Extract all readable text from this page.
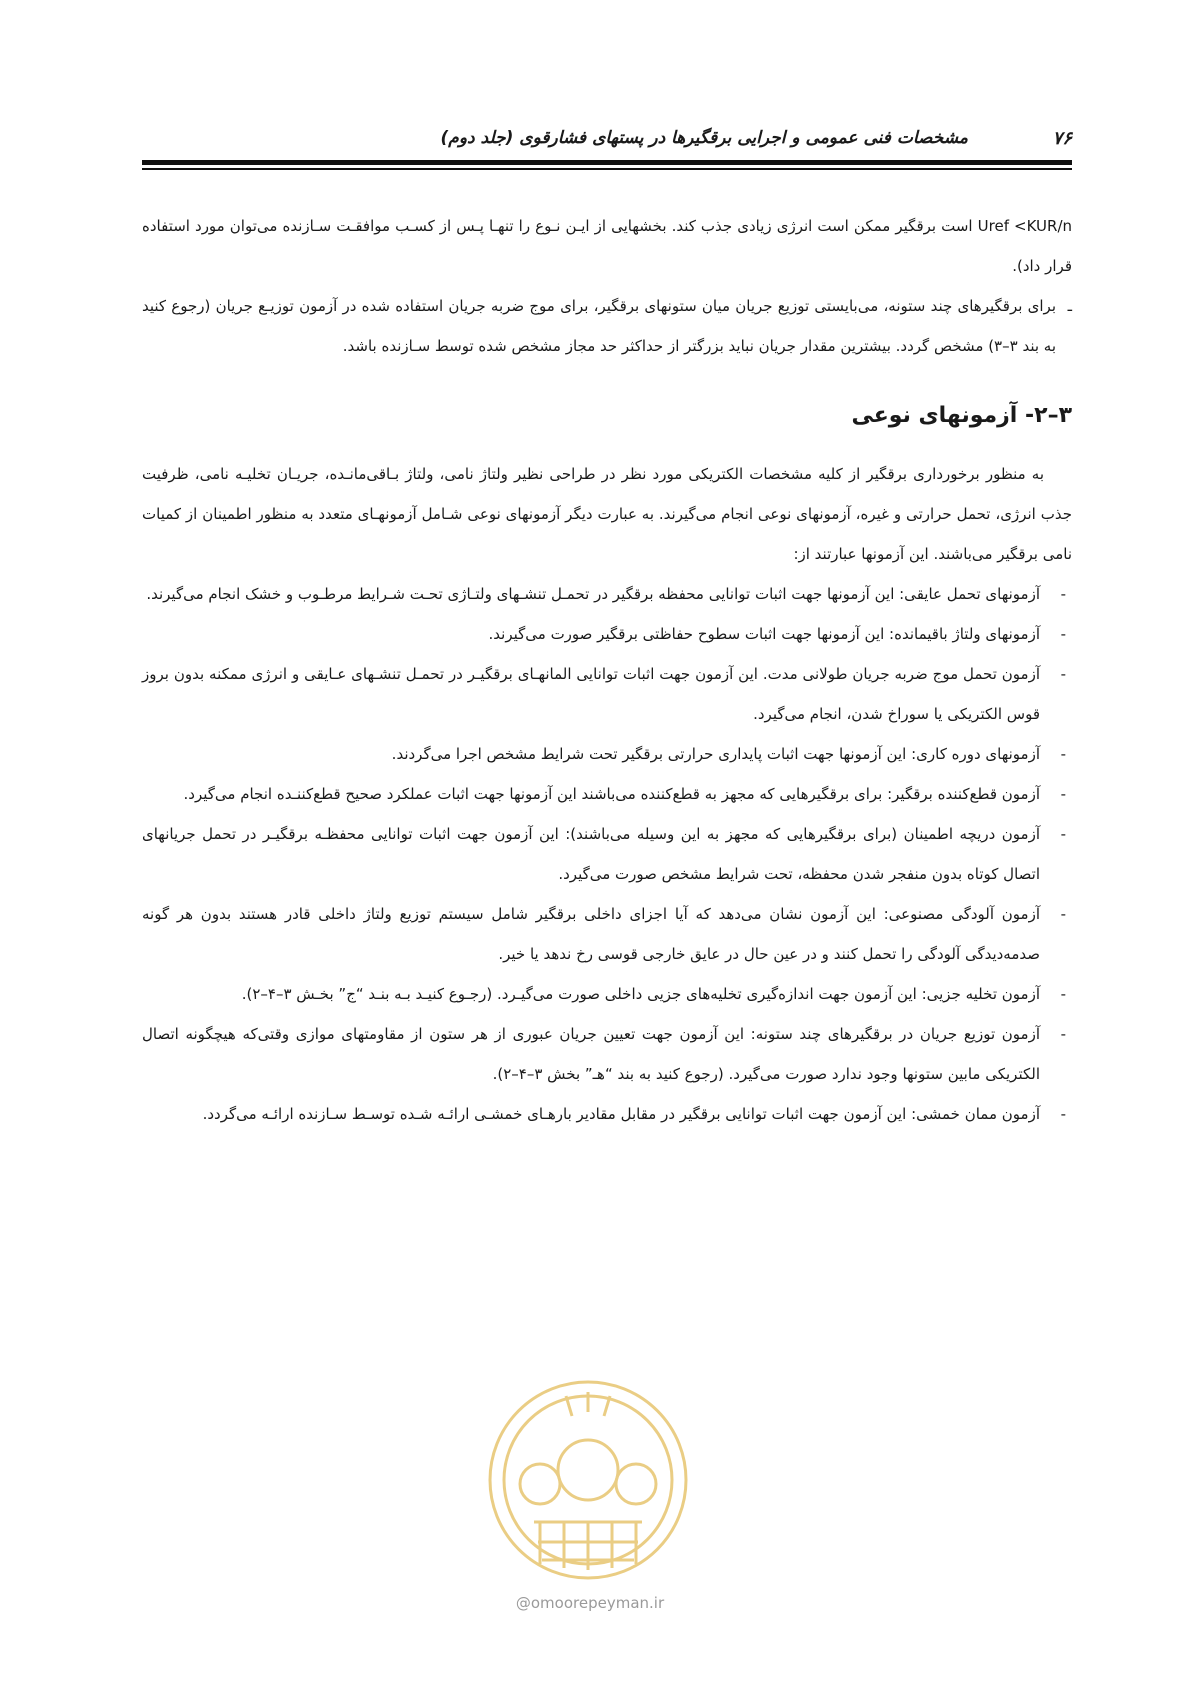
۷۶
مشخصات فنی عمومی و اجرایی برقگیرها در پستهای فشارقوی (جلد دوم)

Uref <KUR/n است برقگیر ممکن است انرژی زیادی جذب کند. بخشهایی از ایـن نـوع را تنهـا پـس از کسـب موافقـت سـازنده می‌توان مورد استفاده قرار داد).

ـ
برای برقگیرهای چند ستونه، می‌بایستی توزیع جریان میان ستونهای برقگیر، برای موج ضربه جریان استفاده شده در آزمون توزیـع جریان (رجوع کنید به بند ۳–۳) مشخص گردد. بیشترین مقدار جریان نباید بزرگتر از حداکثر حد مجاز مشخص شده توسط سـازنده باشد.

۳–۲- آزمونهای نوعی

به منظور برخورداری برقگیر از کلیه مشخصات الکتریکی مورد نظر در طراحی نظیر ولتاژ نامی، ولتاژ بـاقی‌مانـده، جریـان تخلیـه نامی، ظرفیت جذب انرژی، تحمل حرارتی و غیره، آزمونهای نوعی انجام می‌گیرند. به عبارت دیگر آزمونهای نوعی شـامل آزمونهـای متعدد به منظور اطمینان از کمیات نامی برقگیر می‌باشند. این آزمونها عبارتند از:

-
آزمونهای تحمل عایقی: این آزمونها جهت اثبات توانایی محفظه برقگیر در تحمـل تنشـهای ولتـاژی تحـت شـرایط مرطـوب و خشک انجام می‌گیرند.
-
آزمونهای ولتاژ باقیمانده: این آزمونها جهت اثبات سطوح حفاظتی برقگیر صورت می‌گیرند.
-
آزمون تحمل موج ضربه جریان طولانی مدت. این آزمون جهت اثبات توانایی المانهـای برقگیـر در تحمـل تنشـهای عـایقی و انرژی ممکنه بدون بروز قوس الکتریکی یا سوراخ شدن، انجام می‌گیرد.
-
آزمونهای دوره کاری: این آزمونها جهت اثبات پایداری حرارتی برقگیر تحت شرایط مشخص اجرا می‌گردند.
-
آزمون قطع‌کننده برقگیر: برای برقگیرهایی که مجهز به قطع‌کننده می‌باشند این آزمونها جهت اثبات عملکرد صحیح قطع‌کننـده انجام می‌گیرد.
-
آزمون دریچه اطمینان (برای برقگیرهایی که مجهز به این وسیله می‌باشند): این آزمون جهت اثبات توانایی محفظـه برقگیـر در تحمل جریانهای اتصال کوتاه بدون منفجر شدن محفظه، تحت شرایط مشخص صورت می‌گیرد.
-
آزمون آلودگی مصنوعی: این آزمون نشان می‌دهد که آیا اجزای داخلی برقگیر شامل سیستم توزیع ولتاژ داخلی قادر هستند بدون هر گونه صدمه‌دیدگی آلودگی را تحمل کنند و در عین حال در عایق خارجی قوسی رخ ندهد یا خیر.
-
آزمون تخلیه جزیی: این آزمون جهت اندازه‌گیری تخلیه‌های جزیی داخلی صورت می‌گیـرد. (رجـوع کنیـد بـه بنـد “ج” بخـش ۳–۴–۲).
-
آزمون توزیع جریان در برقگیرهای چند ستونه: این آزمون جهت تعیین جریان عبوری از هر ستون از مقاومتهای موازی وقتی‌که هیچگونه اتصال الکتریکی مابین ستونها وجود ندارد صورت می‌گیرد. (رجوع کنید به بند “هـ” بخش ۳–۴–۲).
-
آزمون ممان خمشی: این آزمون جهت اثبات توانایی برقگیر در مقابل مقادیر بارهـای خمشـی ارائـه شـده توسـط سـازنده ارائـه می‌گردد.
@omoorepeyman.ir
